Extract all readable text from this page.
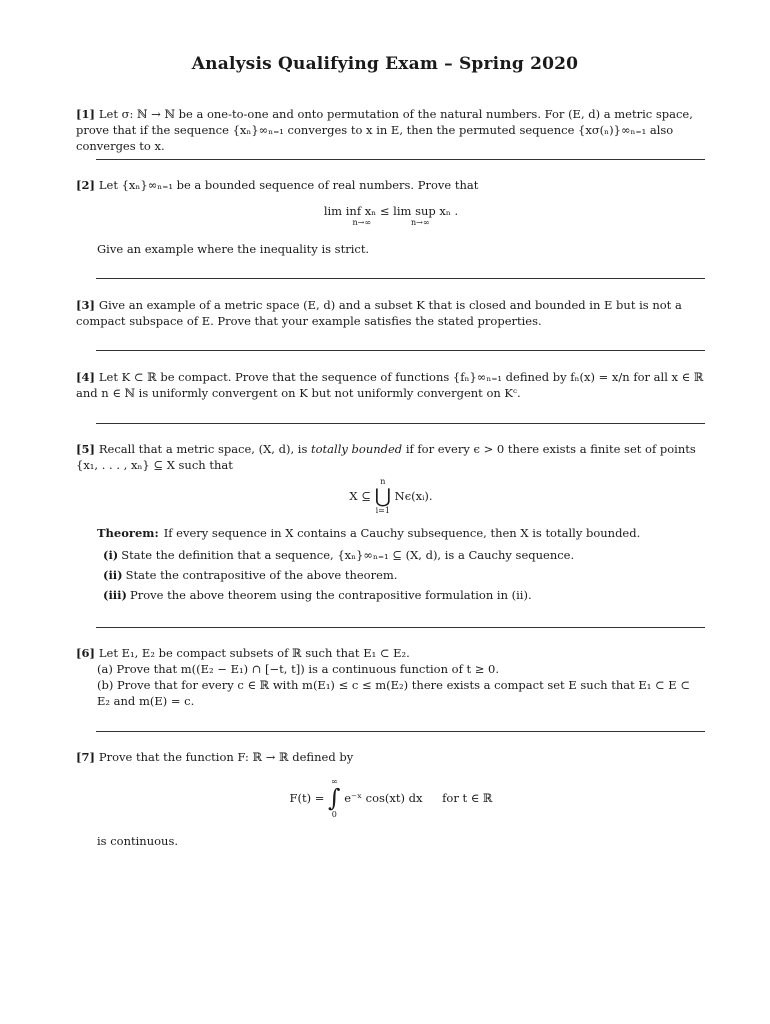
Analysis Qualifying Exam – Spring 2020
[1] Let σ: ℕ → ℕ be a one-to-one and onto permutation of the natural numbers. For (E, d) a metric space, prove that if the sequence {xₙ}∞ₙ₌₁ converges to x in E, then the permuted sequence {xσ(ₙ)}∞ₙ₌₁ also converges to x.
[2] Let {xₙ}∞ₙ₌₁ be a bounded sequence of real numbers. Prove that
lim inf xₙ ≤ lim sup xₙ .
n→∞	n→∞
Give an example where the inequality is strict.
[3] Give an example of a metric space (E, d) and a subset K that is closed and bounded in E but is not a compact subspace of E. Prove that your example satisfies the stated properties.
[4] Let K ⊂ ℝ be compact. Prove that the sequence of functions {fₙ}∞ₙ₌₁ defined by fₙ(x) = x/n for all x ∈ ℝ and n ∈ ℕ is uniformly convergent on K but not uniformly convergent on Kᶜ.
[5] Recall that a metric space, (X, d), is totally bounded if for every ϵ > 0 there exists a finite set of points {x₁, . . . , xₙ} ⊆ X such that
X ⊆
n
⋃
i=1
Nϵ(xᵢ).
Theorem: If every sequence in X contains a Cauchy subsequence, then X is totally bounded.
(i) State the definition that a sequence, {xₙ}∞ₙ₌₁ ⊆ (X, d), is a Cauchy sequence.
(ii) State the contrapositive of the above theorem.
(iii) Prove the above theorem using the contrapositive formulation in (ii).
[6] Let E₁, E₂ be compact subsets of ℝ such that E₁ ⊂ E₂.
(a) Prove that m((E₂ − E₁) ∩ [−t, t]) is a continuous function of t ≥ 0.
(b) Prove that for every c ∈ ℝ with m(E₁) ≤ c ≤ m(E₂) there exists a compact set E such that E₁ ⊂ E ⊂ E₂ and m(E) = c.
[7] Prove that the function F: ℝ → ℝ defined by
F(t) =
∞
∫
0
e⁻ˣ cos(xt) dx for t ∈ ℝ
is continuous.
